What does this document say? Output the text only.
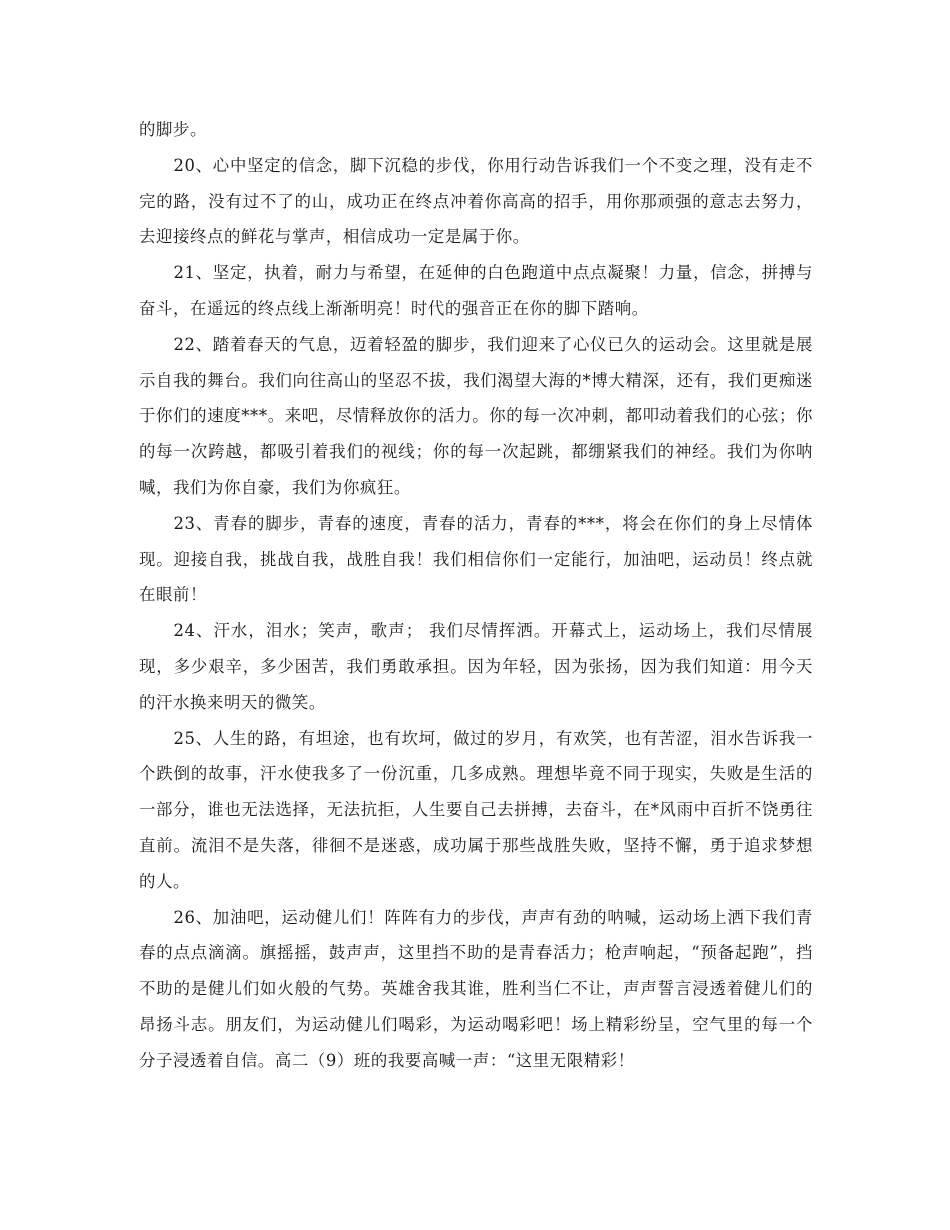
的脚步。

20、心中坚定的信念，脚下沉稳的步伐，你用行动告诉我们一个不变之理，没有走不完的路，没有过不了的山，成功正在终点冲着你高高的招手，用你那顽强的意志去努力，去迎接终点的鲜花与掌声，相信成功一定是属于你。

21、坚定，执着，耐力与希望，在延伸的白色跑道中点点凝聚！力量，信念，拼搏与奋斗，在遥远的终点线上渐渐明亮！时代的强音正在你的脚下踏响。

22、踏着春天的气息，迈着轻盈的脚步，我们迎来了心仪已久的运动会。这里就是展示自我的舞台。我们向往高山的坚忍不拔，我们渴望大海的*博大精深，还有，我们更痴迷于你们的速度***。来吧，尽情释放你的活力。你的每一次冲刺，都叩动着我们的心弦；你的每一次跨越，都吸引着我们的视线；你的每一次起跳，都绷紧我们的神经。我们为你呐喊，我们为你自豪，我们为你疯狂。

23、青春的脚步，青春的速度，青春的活力，青春的***，将会在你们的身上尽情体现。迎接自我，挑战自我，战胜自我！我们相信你们一定能行，加油吧，运动员！终点就在眼前！

24、汗水，泪水；笑声，歌声； 我们尽情挥洒。开幕式上，运动场上，我们尽情展现，多少艰辛，多少困苦，我们勇敢承担。因为年轻，因为张扬，因为我们知道：用今天的汗水换来明天的微笑。

25、人生的路，有坦途，也有坎坷，做过的岁月，有欢笑，也有苦涩，泪水告诉我一个跌倒的故事，汗水使我多了一份沉重，几多成熟。理想毕竟不同于现实，失败是生活的一部分，谁也无法选择，无法抗拒，人生要自己去拼搏，去奋斗，在*风雨中百折不饶勇往直前。流泪不是失落，徘徊不是迷惑，成功属于那些战胜失败，坚持不懈，勇于追求梦想的人。

26、加油吧，运动健儿们！阵阵有力的步伐，声声有劲的呐喊，运动场上洒下我们青春的点点滴滴。旗摇摇，鼓声声，这里挡不助的是青春活力；枪声响起，“预备起跑”，挡不助的是健儿们如火般的气势。英雄舍我其谁，胜利当仁不让，声声誓言浸透着健儿们的昂扬斗志。朋友们，为运动健儿们喝彩，为运动喝彩吧！场上精彩纷呈，空气里的每一个分子浸透着自信。高二（9）班的我要高喊一声：“这里无限精彩！
